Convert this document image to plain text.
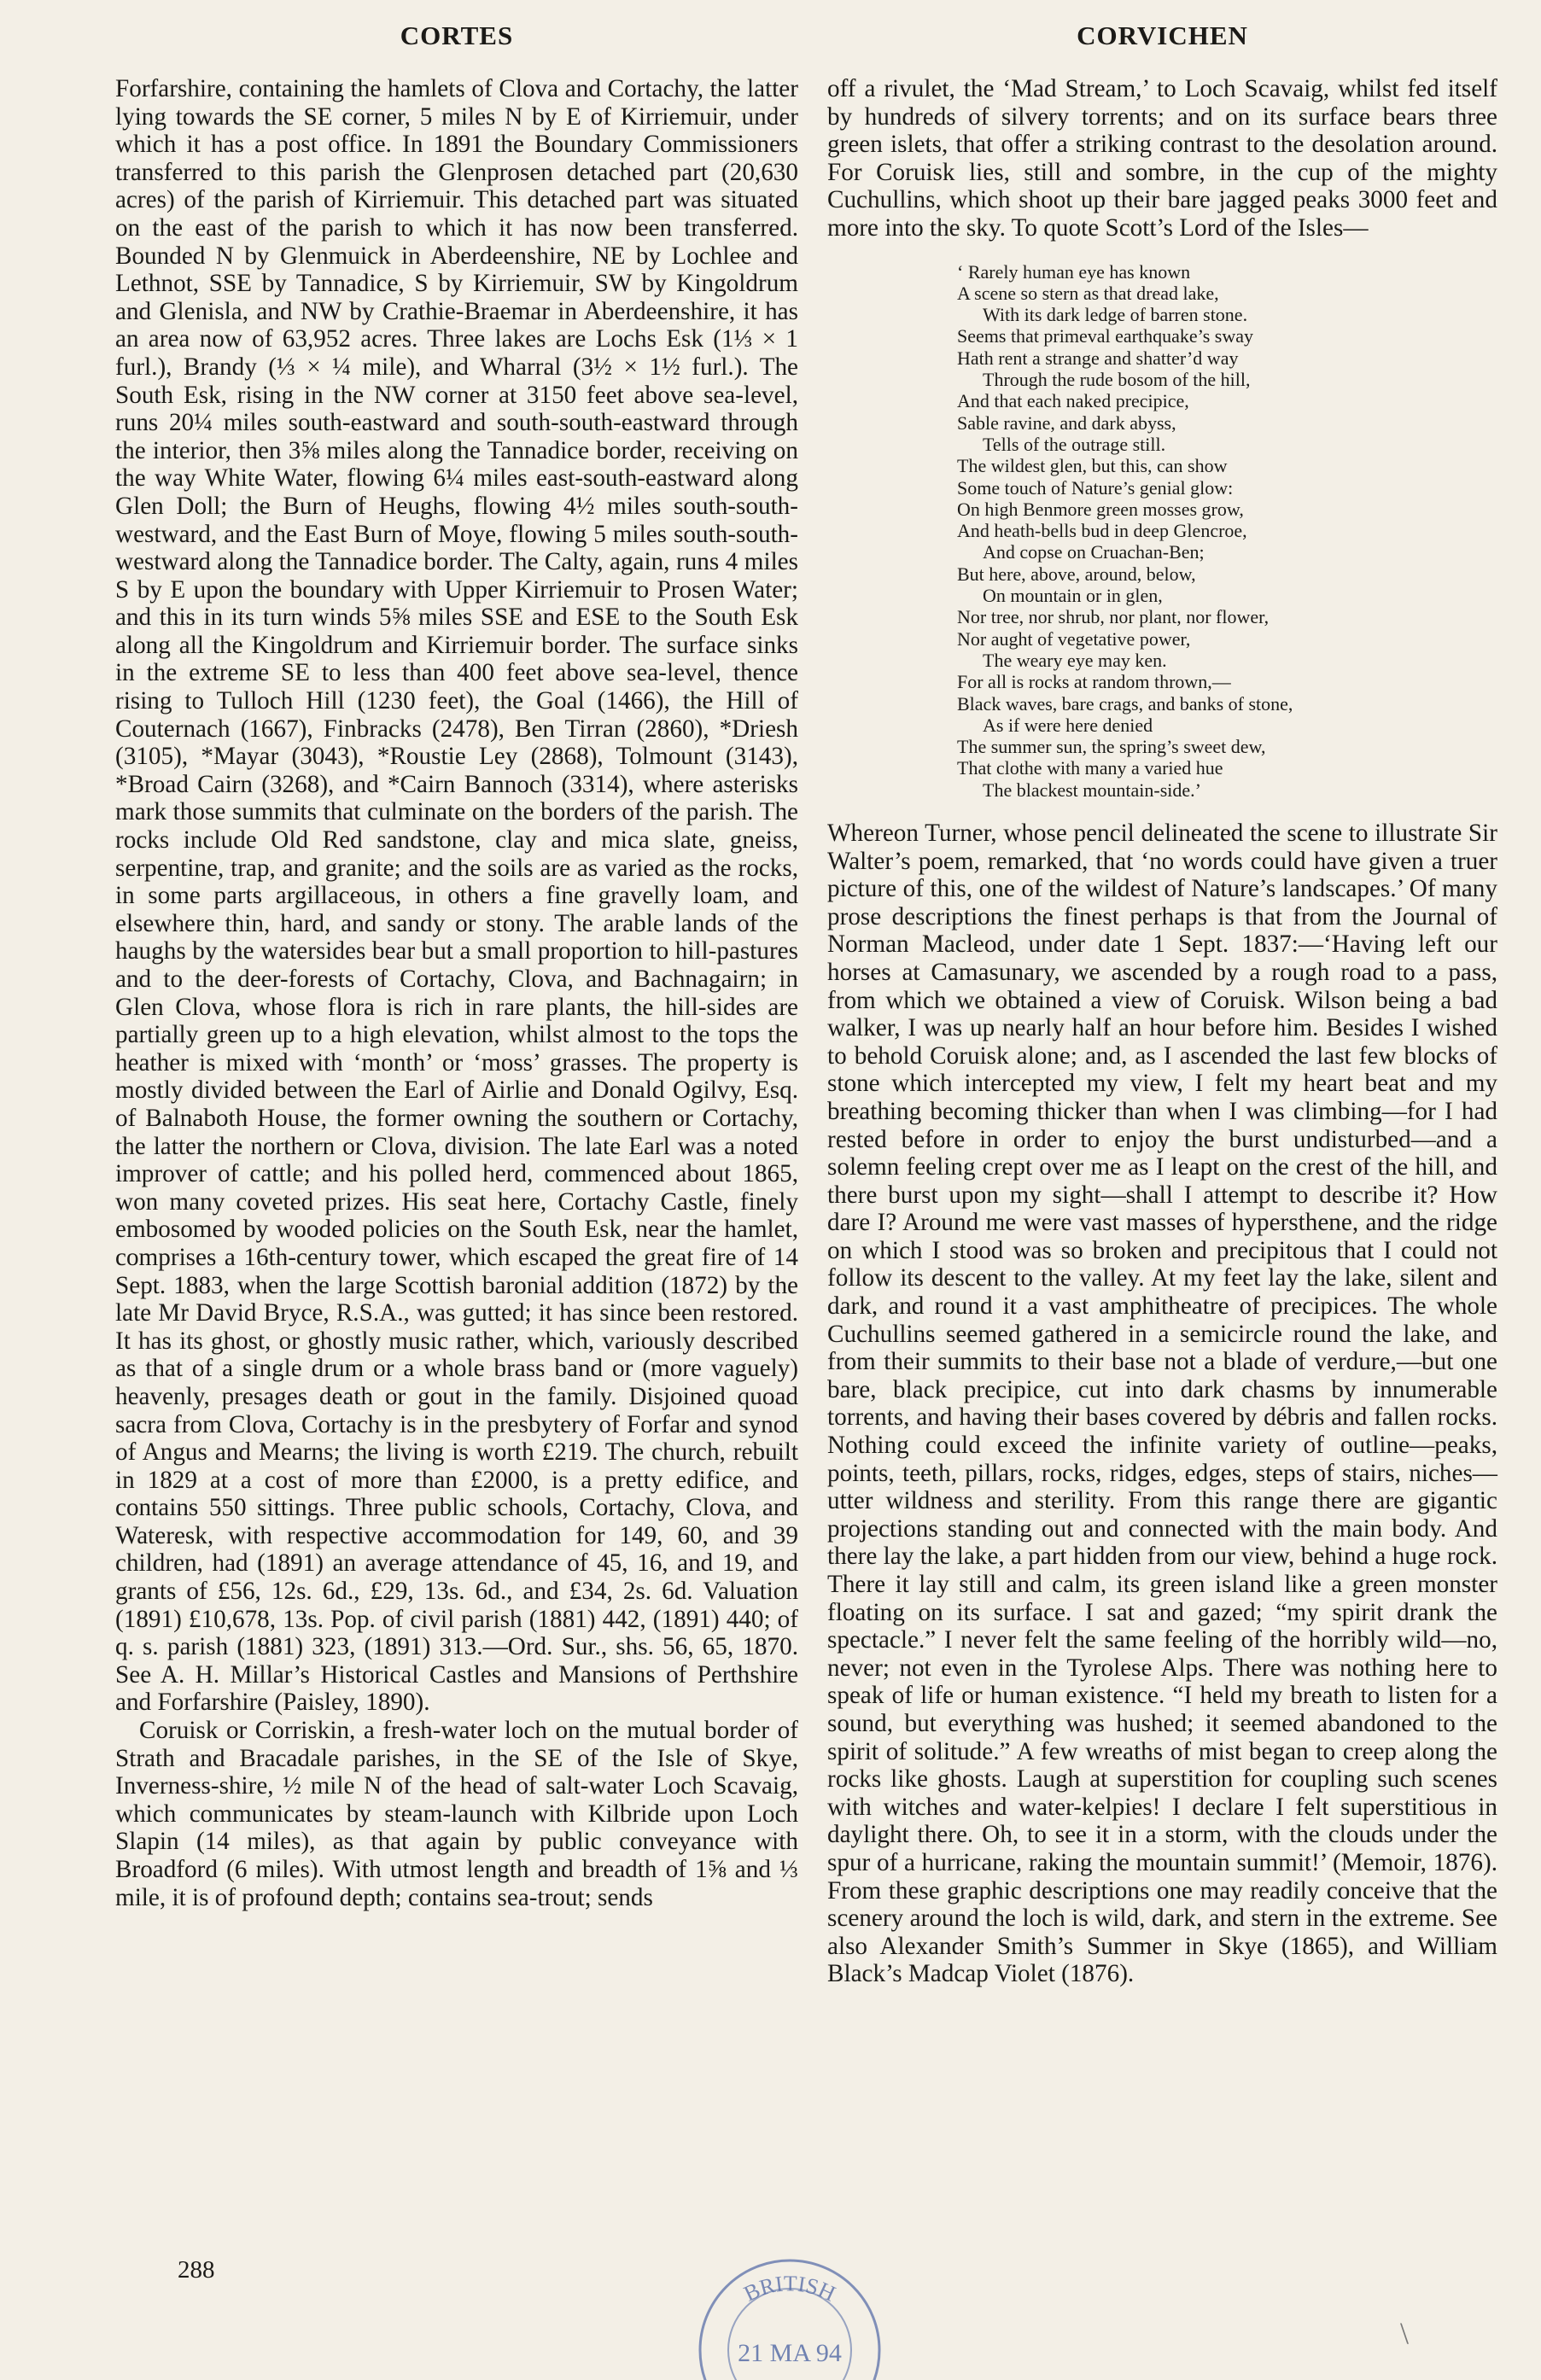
CORTES	CORVICHEN

Forfarshire, containing the hamlets of Clova and Cortachy, the latter lying towards the SE corner, 5 miles N by E of Kirriemuir, under which it has a post office. In 1891 the Boundary Commissioners transferred to this parish the Glenprosen detached part (20,630 acres) of the parish of Kirriemuir. This detached part was situated on the east of the parish to which it has now been transferred. Bounded N by Glenmuick in Aberdeenshire, NE by Lochlee and Lethnot, SSE by Tannadice, S by Kirriemuir, SW by Kingoldrum and Glenisla, and NW by Crathie-Braemar in Aberdeenshire, it has an area now of 63,952 acres. Three lakes are Lochs Esk (1⅓ × 1 furl.), Brandy (⅓ × ¼ mile), and Wharral (3½ × 1½ furl.). The South Esk, rising in the NW corner at 3150 feet above sea-level, runs 20¼ miles south-eastward and south-south-eastward through the interior, then 3⅝ miles along the Tannadice border, receiving on the way White Water, flowing 6¼ miles east-south-eastward along Glen Doll; the Burn of Heughs, flowing 4½ miles south-south-westward, and the East Burn of Moye, flowing 5 miles south-south-westward along the Tannadice border. The Calty, again, runs 4 miles S by E upon the boundary with Upper Kirriemuir to Prosen Water; and this in its turn winds 5⅝ miles SSE and ESE to the South Esk along all the Kingoldrum and Kirriemuir border. The surface sinks in the extreme SE to less than 400 feet above sea-level, thence rising to Tulloch Hill (1230 feet), the Goal (1466), the Hill of Couternach (1667), Finbracks (2478), Ben Tirran (2860), *Driesh (3105), *Mayar (3043), *Roustie Ley (2868), Tolmount (3143), *Broad Cairn (3268), and *Cairn Bannoch (3314), where asterisks mark those summits that culminate on the borders of the parish. The rocks include Old Red sandstone, clay and mica slate, gneiss, serpentine, trap, and granite; and the soils are as varied as the rocks, in some parts argillaceous, in others a fine gravelly loam, and elsewhere thin, hard, and sandy or stony. The arable lands of the haughs by the watersides bear but a small proportion to hill-pastures and to the deer-forests of Cortachy, Clova, and Bachnagairn; in Glen Clova, whose flora is rich in rare plants, the hill-sides are partially green up to a high elevation, whilst almost to the tops the heather is mixed with ‘month’ or ‘moss’ grasses. The property is mostly divided between the Earl of Airlie and Donald Ogilvy, Esq. of Balnaboth House, the former owning the southern or Cortachy, the latter the northern or Clova, division. The late Earl was a noted improver of cattle; and his polled herd, commenced about 1865, won many coveted prizes. His seat here, Cortachy Castle, finely embosomed by wooded policies on the South Esk, near the hamlet, comprises a 16th-century tower, which escaped the great fire of 14 Sept. 1883, when the large Scottish baronial addition (1872) by the late Mr David Bryce, R.S.A., was gutted; it has since been restored. It has its ghost, or ghostly music rather, which, variously described as that of a single drum or a whole brass band or (more vaguely) heavenly, presages death or gout in the family. Disjoined quoad sacra from Clova, Cortachy is in the presbytery of Forfar and synod of Angus and Mearns; the living is worth £219. The church, rebuilt in 1829 at a cost of more than £2000, is a pretty edifice, and contains 550 sittings. Three public schools, Cortachy, Clova, and Wateresk, with respective accommodation for 149, 60, and 39 children, had (1891) an average attendance of 45, 16, and 19, and grants of £56, 12s. 6d., £29, 13s. 6d., and £34, 2s. 6d. Valuation (1891) £10,678, 13s. Pop. of civil parish (1881) 442, (1891) 440; of q. s. parish (1881) 323, (1891) 313.—Ord. Sur., shs. 56, 65, 1870. See A. H. Millar’s Historical Castles and Mansions of Perthshire and Forfarshire (Paisley, 1890).

Coruisk or Corriskin, a fresh-water loch on the mutual border of Strath and Bracadale parishes, in the SE of the Isle of Skye, Inverness-shire, ½ mile N of the head of salt-water Loch Scavaig, which communicates by steam-launch with Kilbride upon Loch Slapin (14 miles), as that again by public conveyance with Broadford (6 miles). With utmost length and breadth of 1⅝ and ⅓ mile, it is of profound depth; contains sea-trout; sends

off a rivulet, the ‘Mad Stream,’ to Loch Scavaig, whilst fed itself by hundreds of silvery torrents; and on its surface bears three green islets, that offer a striking contrast to the desolation around. For Coruisk lies, still and sombre, in the cup of the mighty Cuchullins, which shoot up their bare jagged peaks 3000 feet and more into the sky. To quote Scott’s Lord of the Isles—

‘ Rarely human eye has known
A scene so stern as that dread lake,
With its dark ledge of barren stone.
Seems that primeval earthquake’s sway
Hath rent a strange and shatter’d way
Through the rude bosom of the hill,
And that each naked precipice,
Sable ravine, and dark abyss,
Tells of the outrage still.
The wildest glen, but this, can show
Some touch of Nature’s genial glow:
On high Benmore green mosses grow,
And heath-bells bud in deep Glencroe,
And copse on Cruachan-Ben;
But here, above, around, below,
On mountain or in glen,
Nor tree, nor shrub, nor plant, nor flower,
Nor aught of vegetative power,
The weary eye may ken.
For all is rocks at random thrown,—
Black waves, bare crags, and banks of stone,
As if were here denied
The summer sun, the spring’s sweet dew,
That clothe with many a varied hue
The blackest mountain-side.’

Whereon Turner, whose pencil delineated the scene to illustrate Sir Walter’s poem, remarked, that ‘no words could have given a truer picture of this, one of the wildest of Nature’s landscapes.’ Of many prose descriptions the finest perhaps is that from the Journal of Norman Macleod, under date 1 Sept. 1837:—‘Having left our horses at Camasunary, we ascended by a rough road to a pass, from which we obtained a view of Coruisk. Wilson being a bad walker, I was up nearly half an hour before him. Besides I wished to behold Coruisk alone; and, as I ascended the last few blocks of stone which intercepted my view, I felt my heart beat and my breathing becoming thicker than when I was climbing—for I had rested before in order to enjoy the burst undisturbed—and a solemn feeling crept over me as I leapt on the crest of the hill, and there burst upon my sight—shall I attempt to describe it? How dare I? Around me were vast masses of hypersthene, and the ridge on which I stood was so broken and precipitous that I could not follow its descent to the valley. At my feet lay the lake, silent and dark, and round it a vast amphitheatre of precipices. The whole Cuchullins seemed gathered in a semicircle round the lake, and from their summits to their base not a blade of verdure,—but one bare, black precipice, cut into dark chasms by innumerable torrents, and having their bases covered by débris and fallen rocks. Nothing could exceed the infinite variety of outline—peaks, points, teeth, pillars, rocks, ridges, edges, steps of stairs, niches—utter wildness and sterility. From this range there are gigantic projections standing out and connected with the main body. And there lay the lake, a part hidden from our view, behind a huge rock. There it lay still and calm, its green island like a green monster floating on its surface. I sat and gazed; “my spirit drank the spectacle.” I never felt the same feeling of the horribly wild—no, never; not even in the Tyrolese Alps. There was nothing here to speak of life or human existence. “I held my breath to listen for a sound, but everything was hushed; it seemed abandoned to the spirit of solitude.” A few wreaths of mist began to creep along the rocks like ghosts. Laugh at superstition for coupling such scenes with witches and water-kelpies! I declare I felt superstitious in daylight there. Oh, to see it in a storm, with the clouds under the spur of a hurricane, raking the mountain summit!’ (Memoir, 1876). From these graphic descriptions one may readily conceive that the scenery around the loch is wild, dark, and stern in the extreme. See also Alexander Smith’s Summer in Skye (1865), and William Black’s Madcap Violet (1876).

288
BRITISH
21 MA 94
\
